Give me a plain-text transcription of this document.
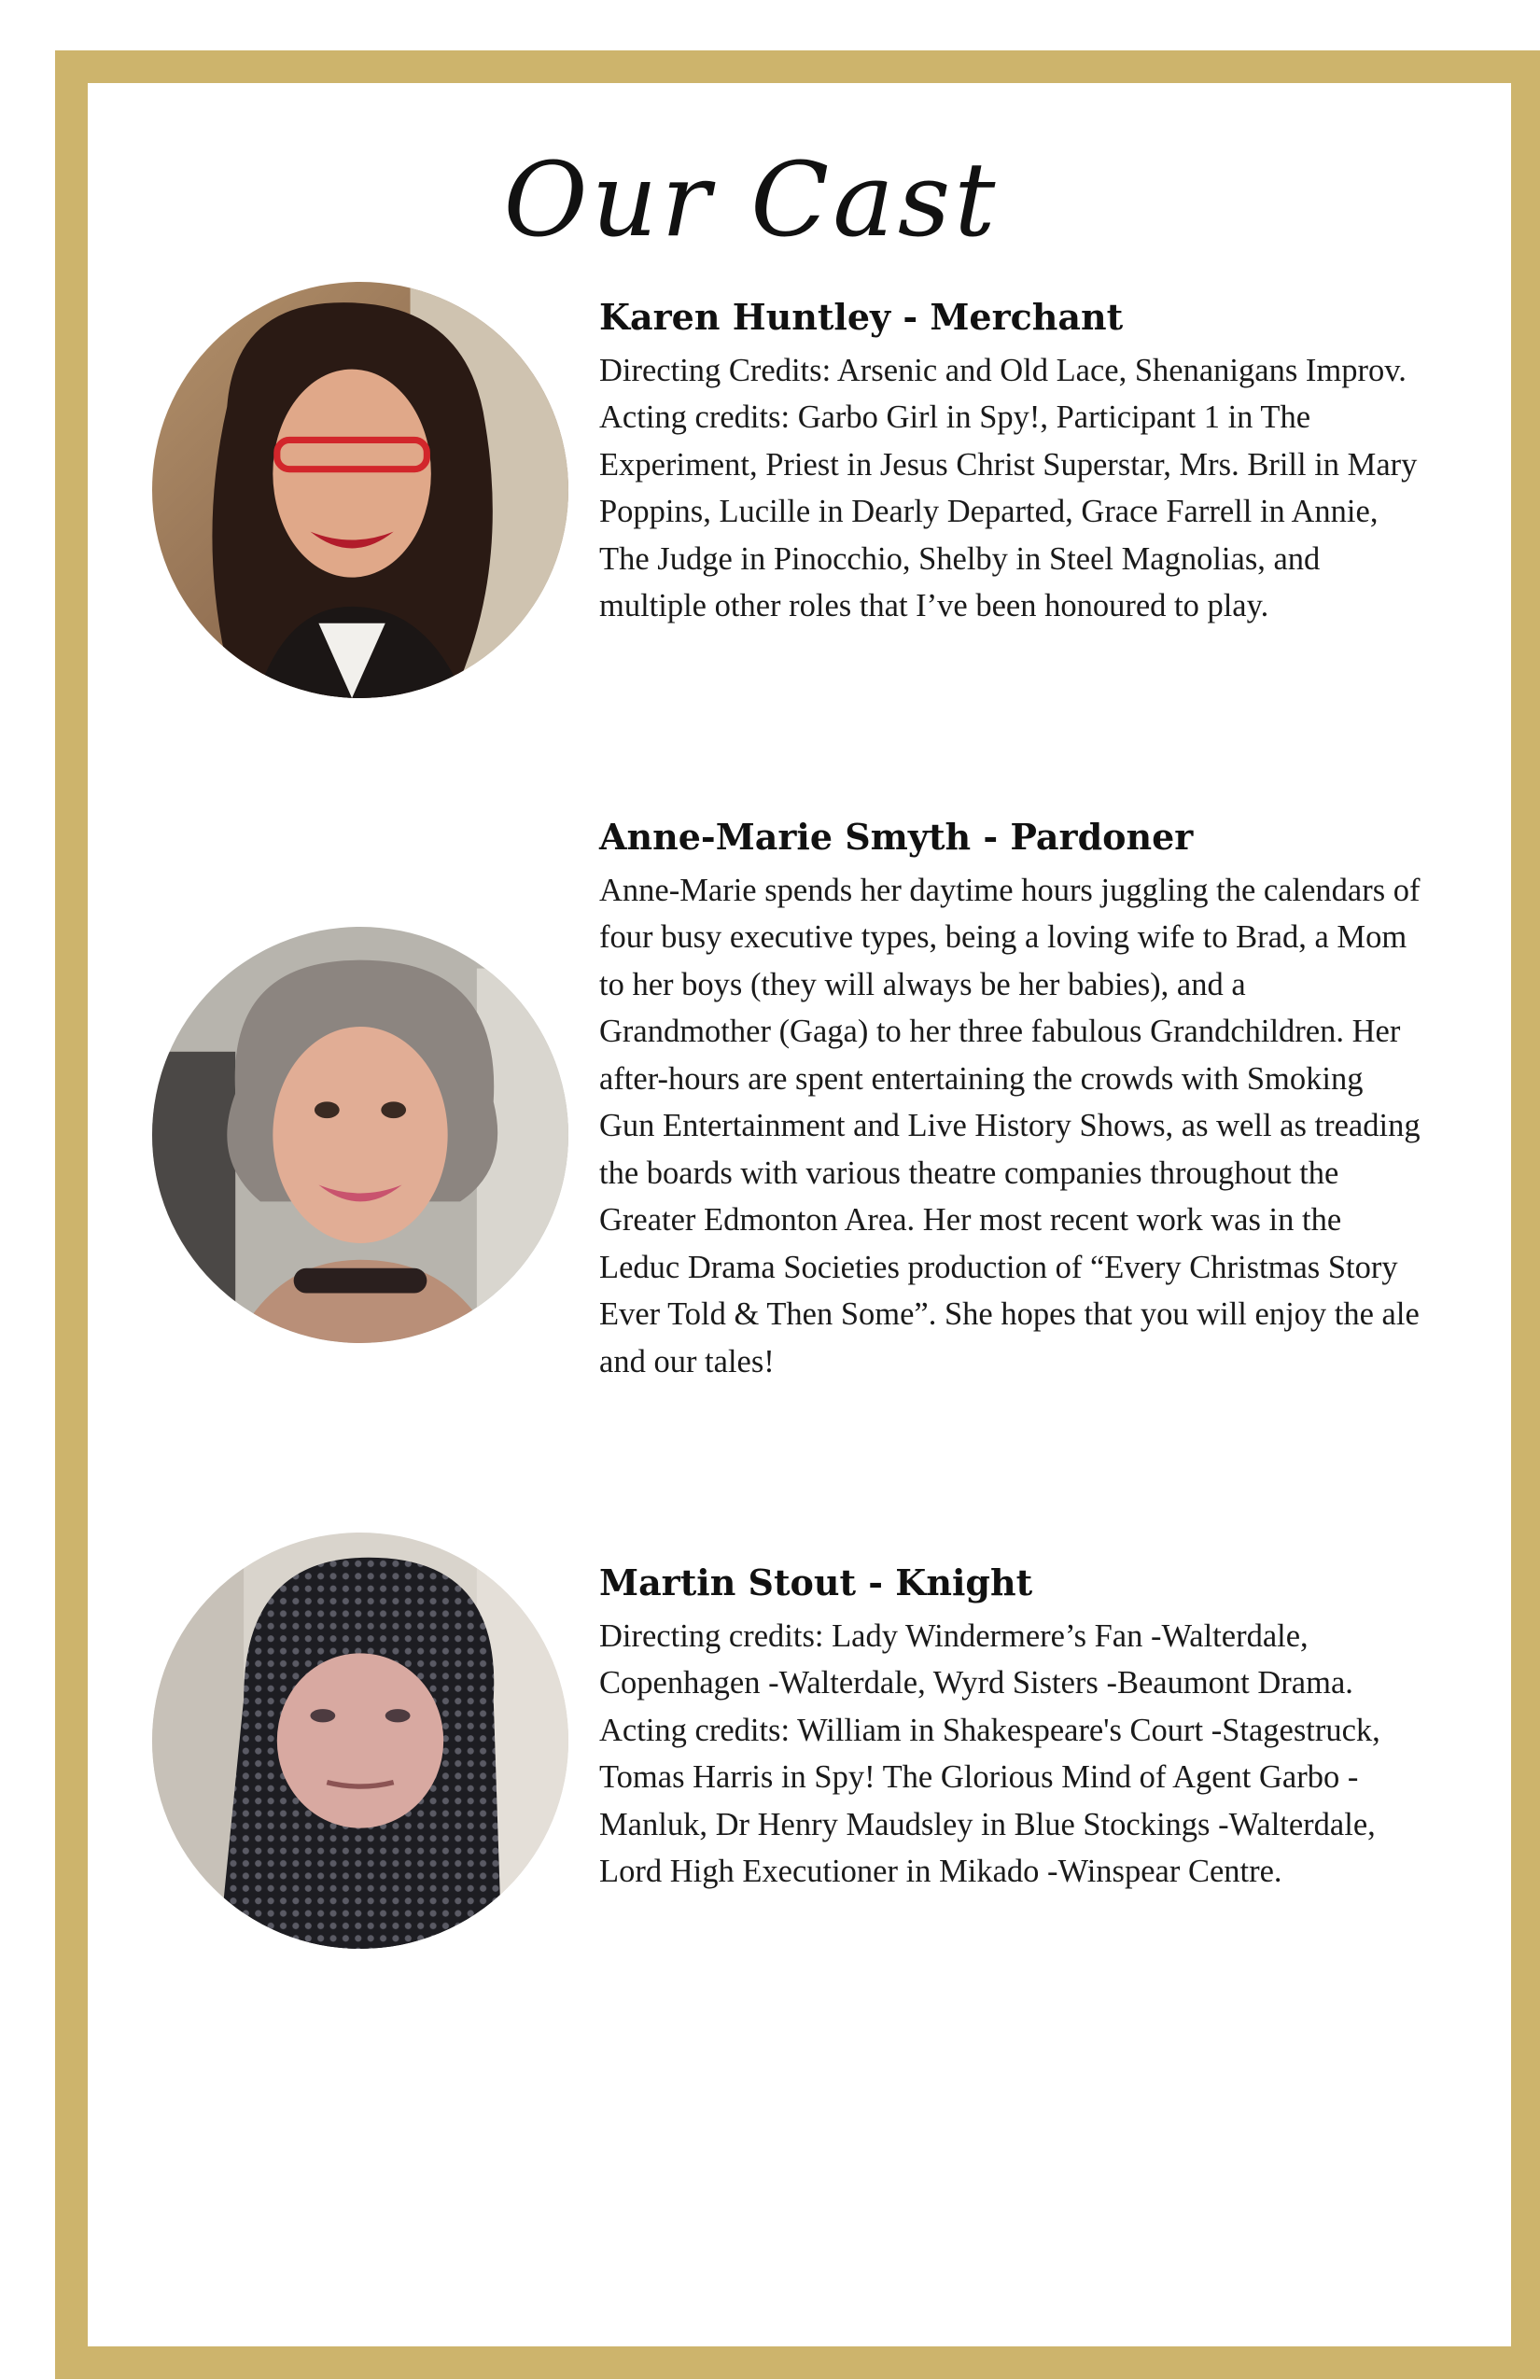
Our Cast
Karen Huntley - Merchant

Directing Credits: Arsenic and Old Lace, Shenanigans Improv. Acting credits: Garbo Girl in Spy!, Participant 1 in The Experiment, Priest in Jesus Christ Superstar, Mrs. Brill in Mary Poppins, Lucille in Dearly Departed, Grace Farrell in Annie, The Judge in Pinocchio, Shelby in Steel Magnolias, and multiple other roles that I’ve been honoured to play.

Anne-Marie Smyth - Pardoner

Anne-Marie spends her daytime hours juggling the calendars of four busy executive types, being a loving wife to Brad, a Mom to her boys (they will always be her babies), and a Grandmother (Gaga) to her three fabulous Grandchildren. Her after-hours are spent entertaining the crowds with Smoking Gun Entertainment and Live History Shows, as well as treading the boards with various theatre companies throughout the Greater Edmonton Area. Her most recent work was in the Leduc Drama Societies production of “Every Christmas Story Ever Told & Then Some”. She hopes that you will enjoy the ale and our tales!

Martin Stout - Knight

Directing credits: Lady Windermere’s Fan -Walterdale, Copenhagen -Walterdale, Wyrd Sisters -Beaumont Drama. Acting credits: William in Shakespeare's Court -Stagestruck, Tomas Harris in Spy! The Glorious Mind of Agent Garbo -Manluk, Dr Henry Maudsley in Blue Stockings -Walterdale, Lord High Executioner in Mikado -Winspear Centre.
